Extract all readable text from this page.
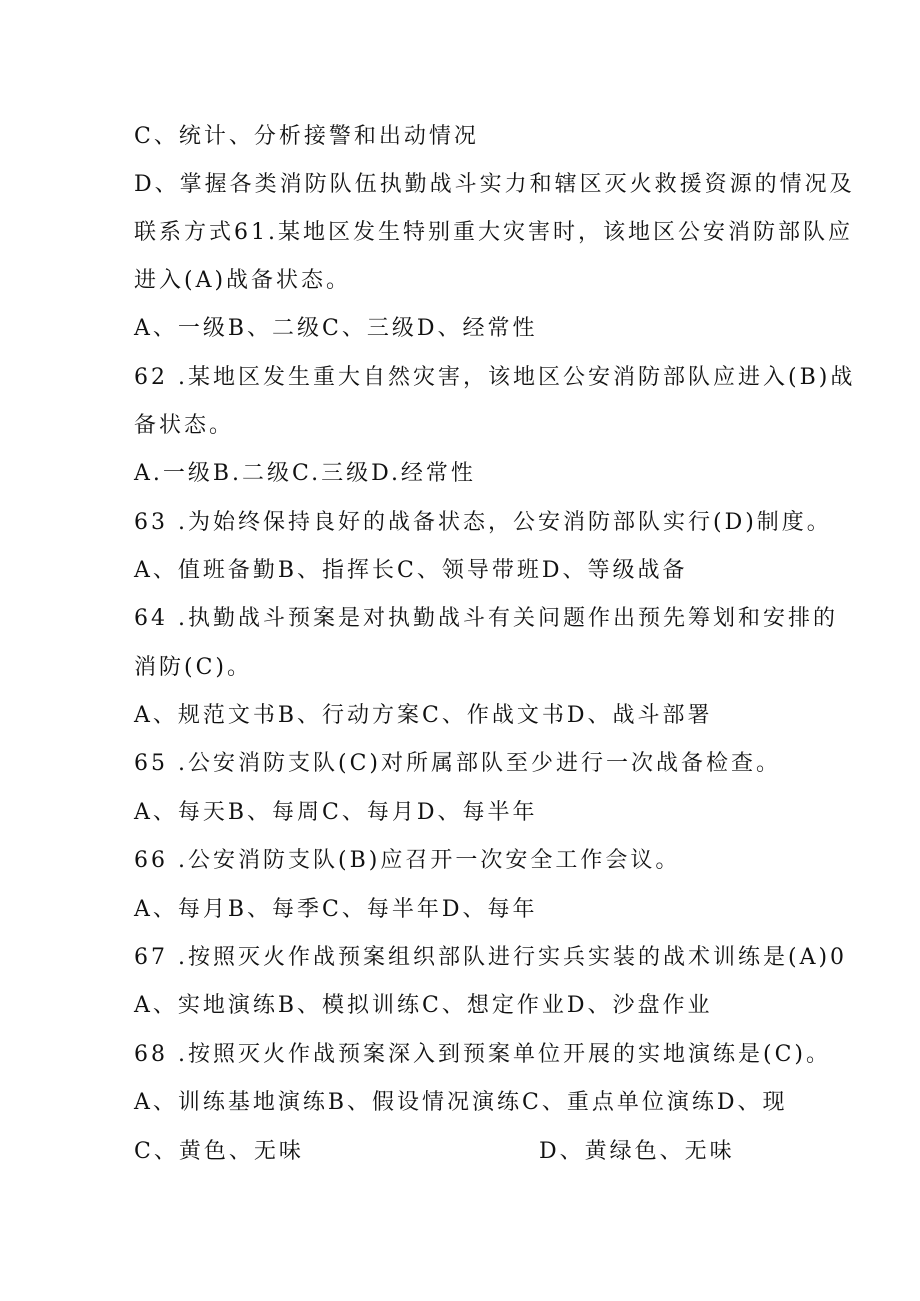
C、统计、分析接警和出动情况
D、掌握各类消防队伍执勤战斗实力和辖区灭火救援资源的情况及
联系方式61.某地区发生特别重大灾害时，该地区公安消防部队应
进入(A)战备状态。
A、一级B、二级C、三级D、经常性
62 .某地区发生重大自然灾害，该地区公安消防部队应进入(B)战
备状态。
A.一级B.二级C.三级D.经常性
63 .为始终保持良好的战备状态，公安消防部队实行(D)制度。
A、值班备勤B、指挥长C、领导带班D、等级战备
64 .执勤战斗预案是对执勤战斗有关问题作出预先筹划和安排的
消防(C)。
A、规范文书B、行动方案C、作战文书D、战斗部署
65 .公安消防支队(C)对所属部队至少进行一次战备检查。
A、每天B、每周C、每月D、每半年
66 .公安消防支队(B)应召开一次安全工作会议。
A、每月B、每季C、每半年D、每年
67 .按照灭火作战预案组织部队进行实兵实装的战术训练是(A)0
A、实地演练B、模拟训练C、想定作业D、沙盘作业
68 .按照灭火作战预案深入到预案单位开展的实地演练是(C)。
A、训练基地演练B、假设情况演练C、重点单位演练D、现
C、黄色、无味	D、黄绿色、无味
